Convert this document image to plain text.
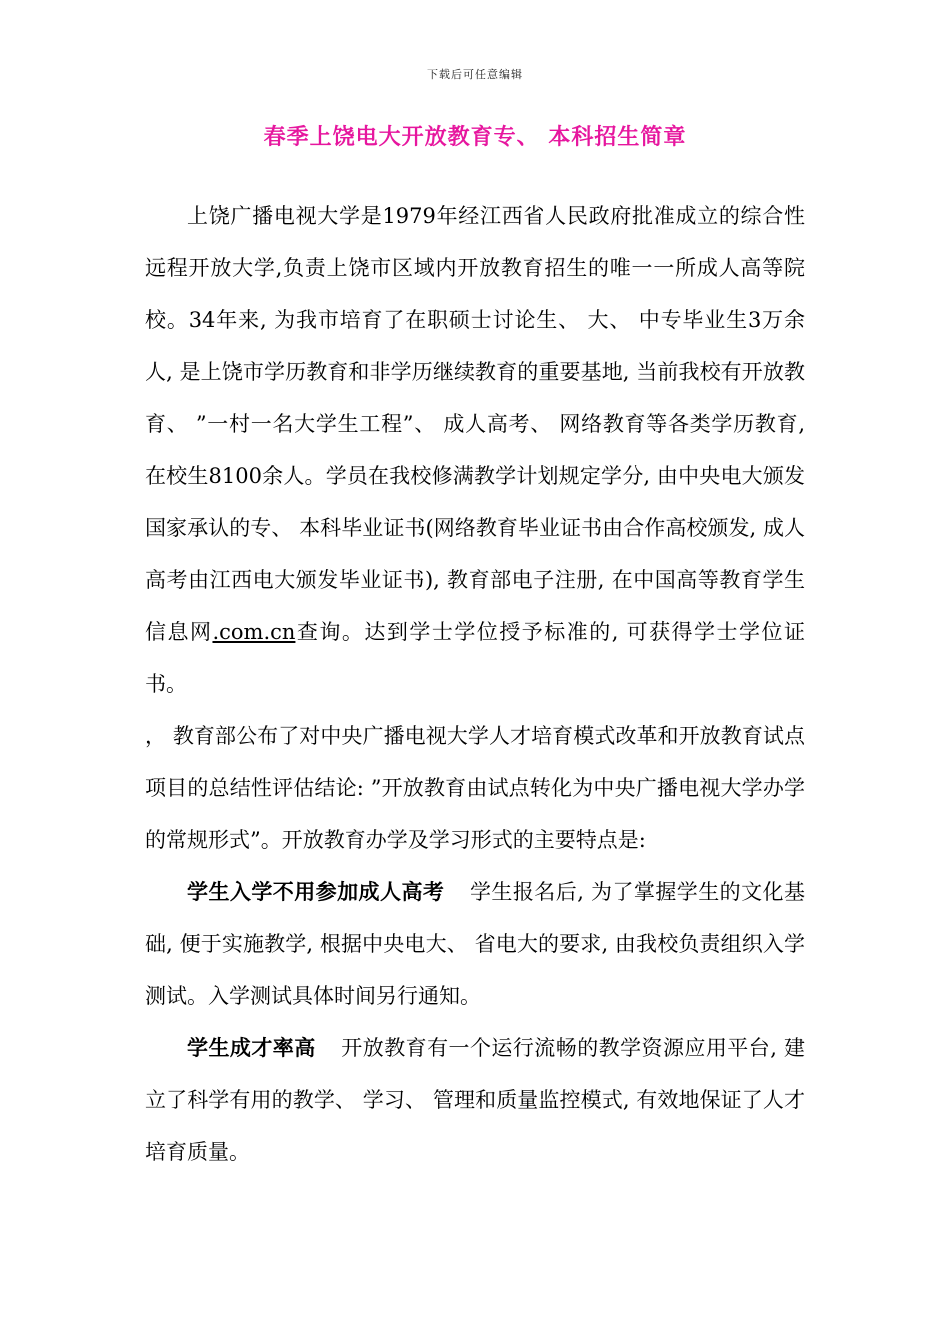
下载后可任意编辑
春季上饶电大开放教育专、 本科招生简章

上饶广播电视大学是1979年经江西省人民政府批准成立的综合性远程开放大学,负责上饶市区域内开放教育招生的唯一一所成人高等院校。34年来, 为我市培育了在职硕士讨论生、 大、 中专毕业生3万余人, 是上饶市学历教育和非学历继续教育的重要基地, 当前我校有开放教育、 ”一村一名大学生工程”、 成人高考、 网络教育等各类学历教育, 在校生8100余人。学员在我校修满教学计划规定学分, 由中央电大颁发国家承认的专、 本科毕业证书(网络教育毕业证书由合作高校颁发, 成人高考由江西电大颁发毕业证书), 教育部电子注册, 在中国高等教育学生信息网.com.cn查询。达到学士学位授予标准的, 可获得学士学位证书。

， 教育部公布了对中央广播电视大学人才培育模式改革和开放教育试点项目的总结性评估结论: ”开放教育由试点转化为中央广播电视大学办学的常规形式”。开放教育办学及学习形式的主要特点是:

学生入学不用参加成人高考 学生报名后, 为了掌握学生的文化基础, 便于实施教学, 根据中央电大、 省电大的要求, 由我校负责组织入学测试。入学测试具体时间另行通知。

学生成才率高 开放教育有一个运行流畅的教学资源应用平台, 建立了科学有用的教学、 学习、 管理和质量监控模式, 有效地保证了人才培育质量。
